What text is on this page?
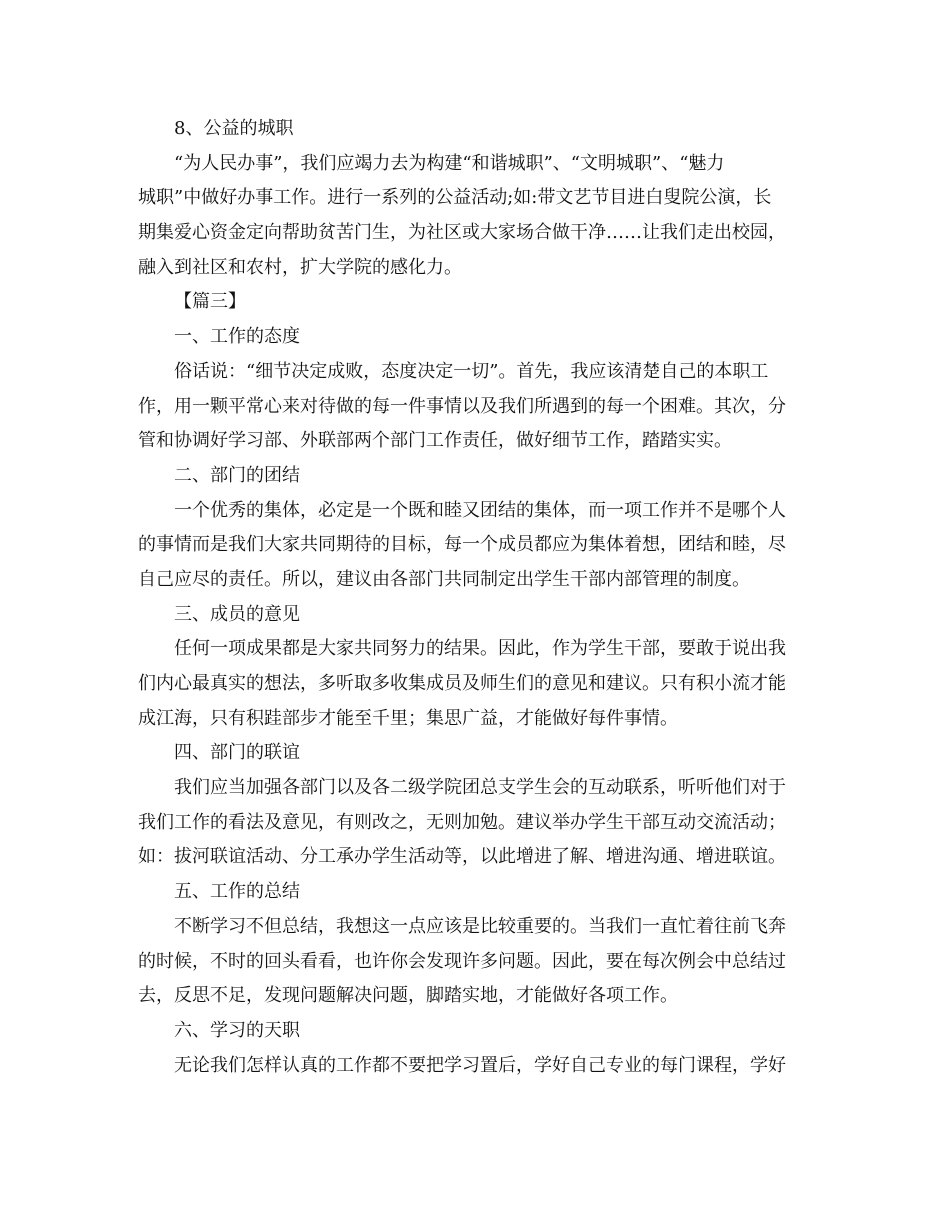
8、公益的城职
“为人民办事”，我们应竭力去为构建“和谐城职”、“文明城职”、“魅力
城职”中做好办事工作。进行一系列的公益活动;如:带文艺节目进白叟院公演，长
期集爱心资金定向帮助贫苦门生，为社区或大家场合做干净……让我们走出校园，
融入到社区和农村，扩大学院的感化力。
【篇三】
一、工作的态度
俗话说：“细节决定成败，态度决定一切”。首先，我应该清楚自己的本职工
作，用一颗平常心来对待做的每一件事情以及我们所遇到的每一个困难。其次，分
管和协调好学习部、外联部两个部门工作责任，做好细节工作，踏踏实实。
二、部门的团结
一个优秀的集体，必定是一个既和睦又团结的集体，而一项工作并不是哪个人
的事情而是我们大家共同期待的目标，每一个成员都应为集体着想，团结和睦，尽
自己应尽的责任。所以，建议由各部门共同制定出学生干部内部管理的制度。
三、成员的意见
任何一项成果都是大家共同努力的结果。因此，作为学生干部，要敢于说出我
们内心最真实的想法，多听取多收集成员及师生们的意见和建议。只有积小流才能
成江海，只有积跬部步才能至千里；集思广益，才能做好每件事情。
四、部门的联谊
我们应当加强各部门以及各二级学院团总支学生会的互动联系，听听他们对于
我们工作的看法及意见，有则改之，无则加勉。建议举办学生干部互动交流活动；
如：拔河联谊活动、分工承办学生活动等，以此增进了解、增进沟通、增进联谊。
五、工作的总结
不断学习不但总结，我想这一点应该是比较重要的。当我们一直忙着往前飞奔
的时候，不时的回头看看，也许你会发现许多问题。因此，要在每次例会中总结过
去，反思不足，发现问题解决问题，脚踏实地，才能做好各项工作。
六、学习的天职
无论我们怎样认真的工作都不要把学习置后，学好自己专业的每门课程，学好
